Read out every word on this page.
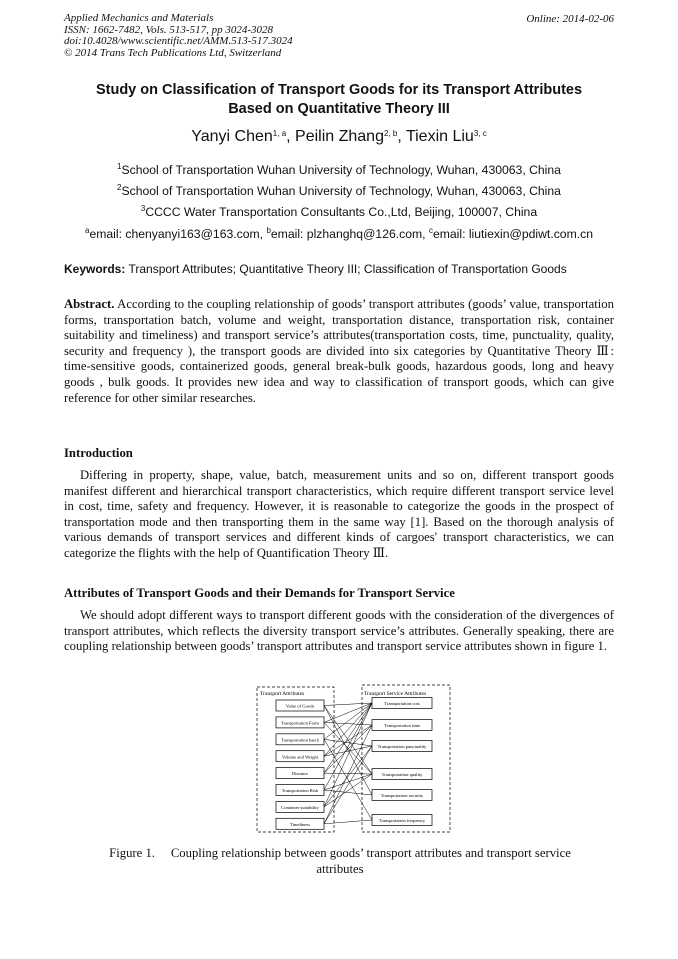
Applied Mechanics and Materials
ISSN: 1662-7482, Vols. 513-517, pp 3024-3028
doi:10.4028/www.scientific.net/AMM.513-517.3024
© 2014 Trans Tech Publications Ltd, Switzerland
Online: 2014-02-06
Study on Classification of Transport Goods for its Transport Attributes
Based on Quantitative Theory III
Yanyi Chen$^{1, a}$, Peilin Zhang$^{2, b}$, Tiexin Liu$^{3, c}$
$^1$School of Transportation Wuhan University of Technology, Wuhan, 430063, China
$^2$School of Transportation Wuhan University of Technology, Wuhan, 430063, China
$^3$CCCC Water Transportation Consultants Co.,Ltd, Beijing, 100007, China
$^a$email: chenyanyi163@163.com, $^b$email: plzhanghq@126.com, $^c$email: liutiexin@pdiwt.com.cn
Keywords: Transport Attributes; Quantitative Theory III; Classification of Transportation Goods

Abstract. According to the coupling relationship of goods’ transport attributes (goods’ value, transportation forms, transportation batch, volume and weight, transportation distance, transportation risk, container suitability and timeliness) and transport service’s attributes(transportation costs, time, punctuality, quality, security and frequency ), the transport goods are divided into six categories by Quantitative Theory Ⅲ: time-sensitive goods, containerized goods, general break-bulk goods, hazardous goods, long and heavy goods , bulk goods. It provides new idea and way to classification of transport goods, which can give reference for other similar researches.

Introduction

Differing in property, shape, value, batch, measurement units and so on, different transport goods manifest different and hierarchical transport characteristics, which require different transport service level in cost, time, safety and frequency. However, it is reasonable to categorize the goods in the prospect of transportation mode and then transporting them in the same way [1]. Based on the thorough analysis of various demands of transport services and different kinds of cargoes' transport characteristics, we can categorize the flights with the help of Quantification Theory Ⅲ.

Attributes of Transport Goods and their Demands for Transport Service

We should adopt different ways to transport different goods with the consideration of the divergences of transport attributes, which reflects the diversity transport service’s attributes. Generally speaking, there are coupling relationship between goods’ transport attributes and transport service attributes shown in figure 1.

Transport Attributes	Transport Service Attributes
Value of Goods
Transportation Form
Transportation batch
Volume and Weight
Distance
Transportation Risk
Container suitability
Timeliness
Transportation cost
Transportation time
Transportation punctuality
Transportation quality
Transportation security
Transportation frequency
Figure 1.     Coupling relationship between goods’ transport attributes and transport service
attributes
